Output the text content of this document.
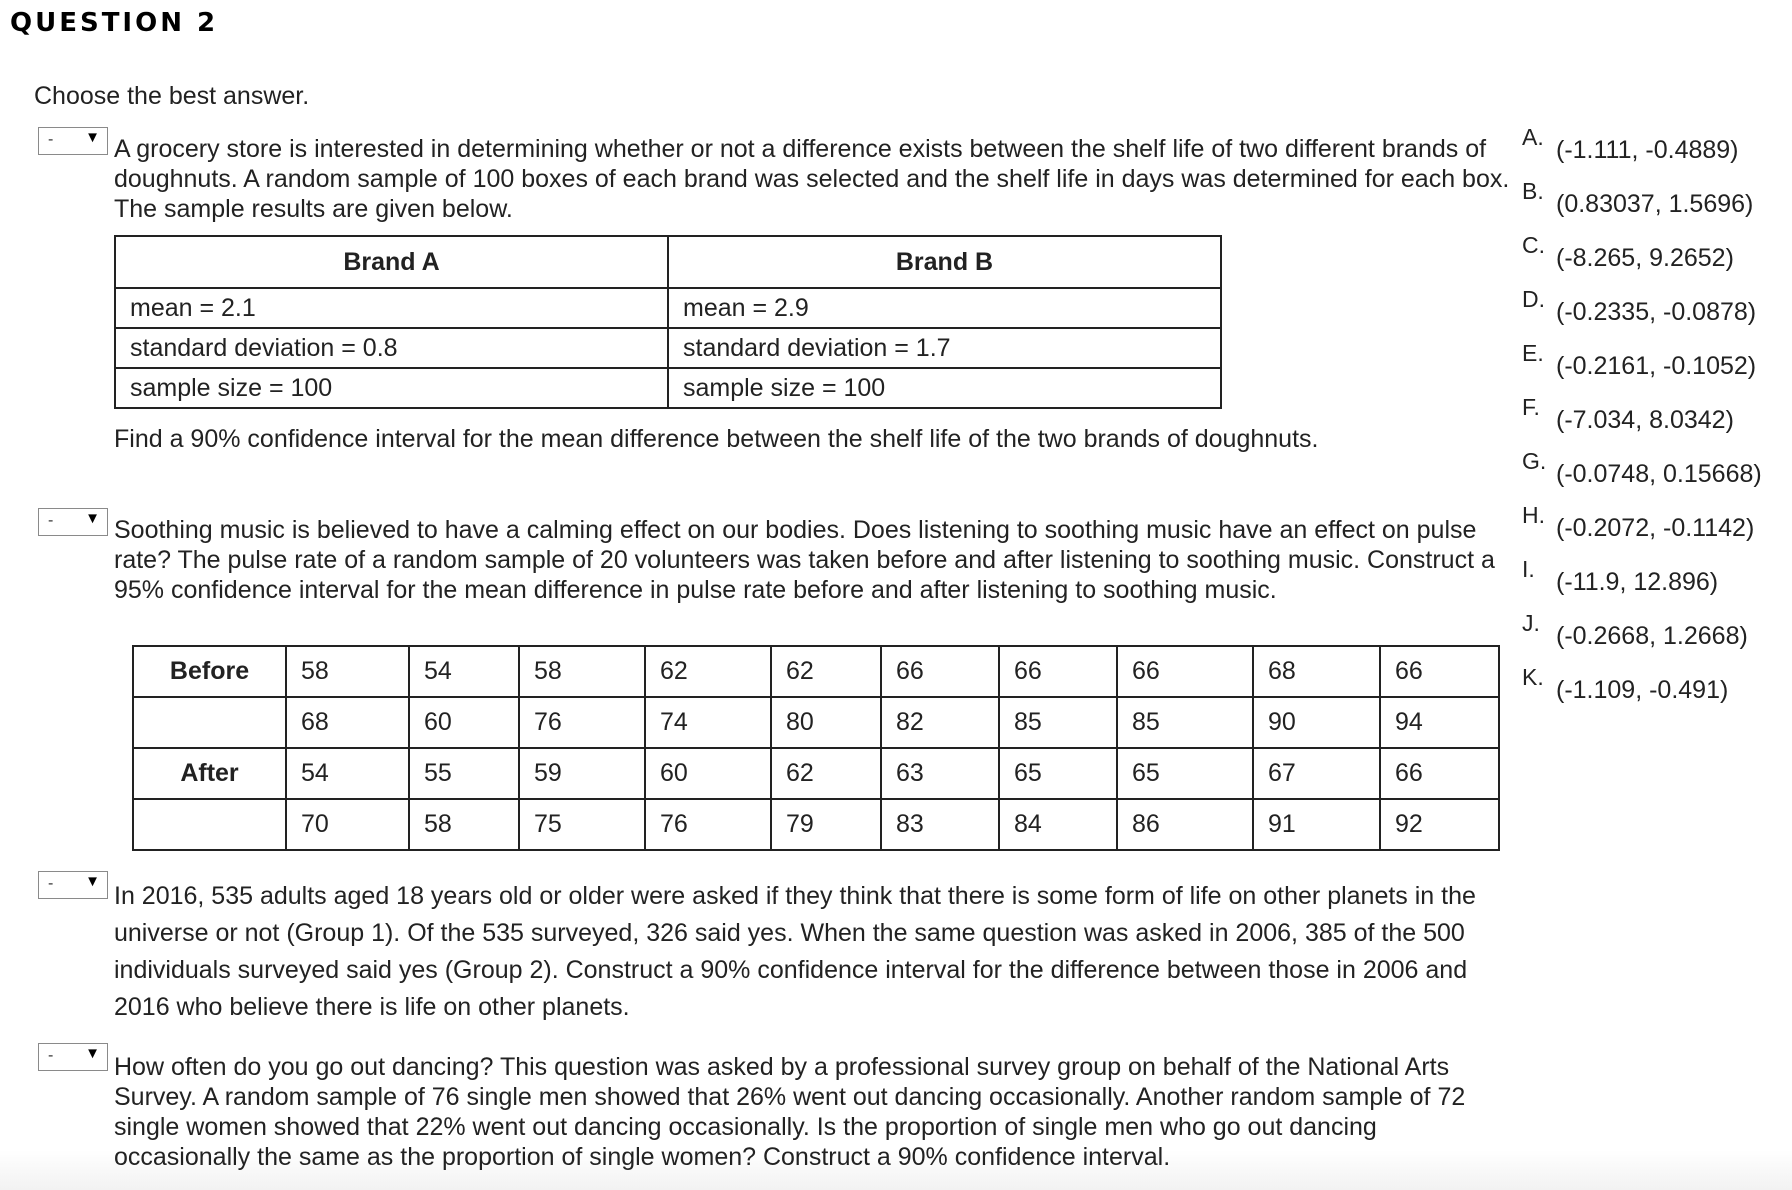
QUESTION 2
Choose the best answer.
- ▼ A grocery store is interested in determining whether or not a difference exists between the shelf life of two different brands of doughnuts. A random sample of 100 boxes of each brand was selected and the shelf life in days was determined for each box. The sample results are given below.
Brand A	Brand B
mean = 2.1	mean = 2.9
standard deviation = 0.8	standard deviation = 1.7
sample size = 100	sample size = 100
Find a 90% confidence interval for the mean difference between the shelf life of the two brands of doughnuts.
- ▼ Soothing music is believed to have a calming effect on our bodies. Does listening to soothing music have an effect on pulse rate? The pulse rate of a random sample of 20 volunteers was taken before and after listening to soothing music. Construct a 95% confidence interval for the mean difference in pulse rate before and after listening to soothing music.
Before	58	54	58	62	62	66	66	66	68	66
	68	60	76	74	80	82	85	85	90	94
After	54	55	59	60	62	63	65	65	67	66
	70	58	75	76	79	83	84	86	91	92
- ▼
In 2016, 535 adults aged 18 years old or older were asked if they think that there is some form of life on other planets in the universe or not (Group 1). Of the 535 surveyed, 326 said yes. When the same question was asked in 2006, 385 of the 500 individuals surveyed said yes (Group 2). Construct a 90% confidence interval for the difference between those in 2006 and 2016 who believe there is life on other planets.
- ▼ How often do you go out dancing? This question was asked by a professional survey group on behalf of the National Arts Survey. A random sample of 76 single men showed that 26% went out dancing occasionally. Another random sample of 72 single women showed that 22% went out dancing occasionally. Is the proportion of single men who go out dancing occasionally the same as the proportion of single women? Construct a 90% confidence interval.
A. (-1.111, -0.4889)
B. (0.83037, 1.5696)
C. (-8.265, 9.2652)
D. (-0.2335, -0.0878)
E. (-0.2161, -0.1052)
F. (-7.034, 8.0342)
G. (-0.0748, 0.15668)
H. (-0.2072, -0.1142)
I. (-11.9, 12.896)
J. (-0.2668, 1.2668)
K. (-1.109, -0.491)
